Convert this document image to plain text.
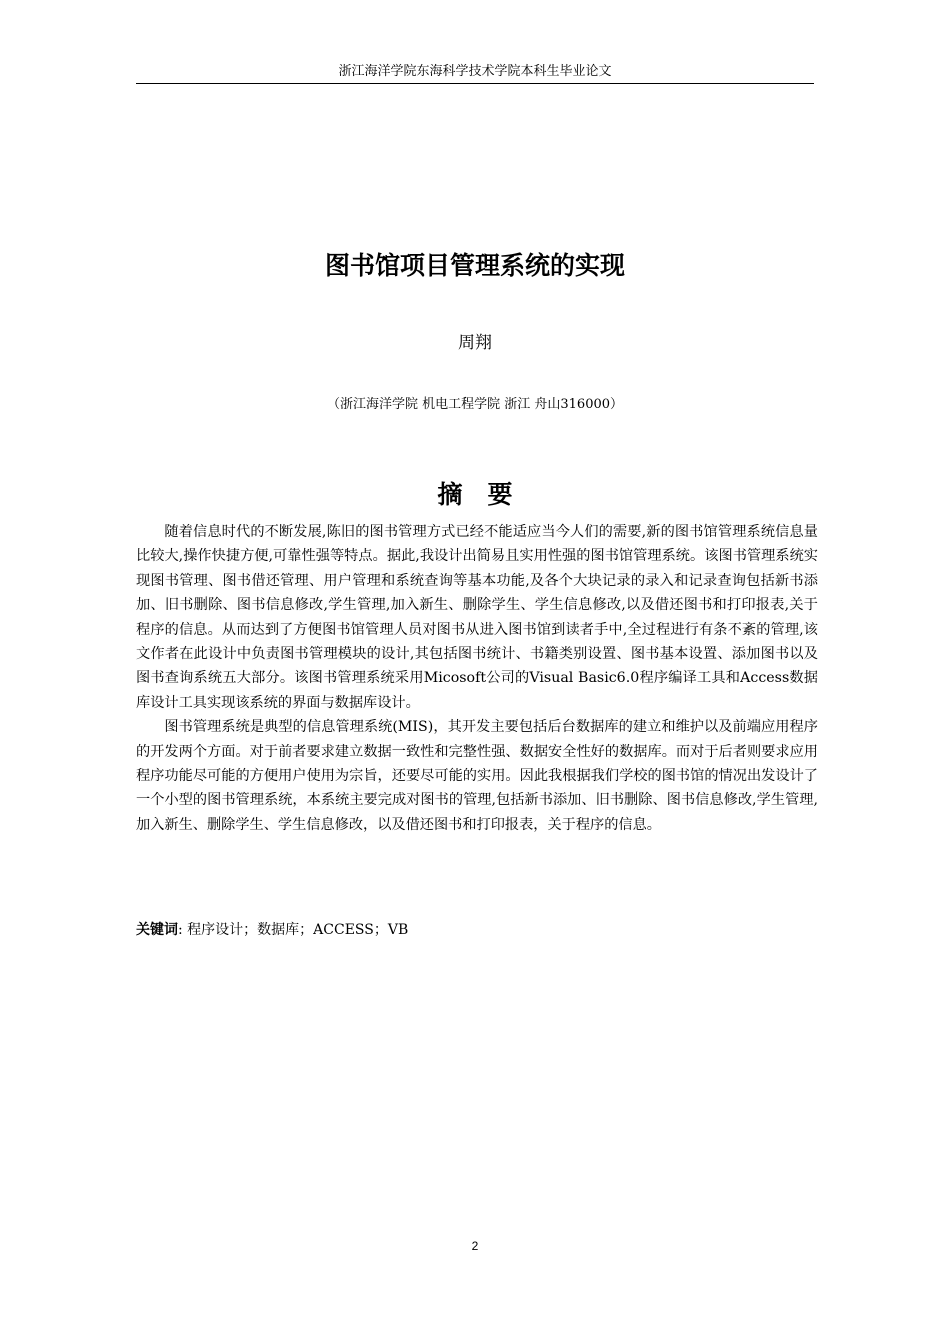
浙江海洋学院东海科学技术学院本科生毕业论文
图书馆项目管理系统的实现
周翔
（浙江海洋学院 机电工程学院 浙江 舟山316000）
摘　要

随着信息时代的不断发展,陈旧的图书管理方式已经不能适应当今人们的需要,新的图书馆管理系统信息量比较大,操作快捷方便,可靠性强等特点。据此,我设计出简易且实用性强的图书馆管理系统。该图书管理系统实现图书管理、图书借还管理、用户管理和系统查询等基本功能,及各个大块记录的录入和记录查询包括新书添加、旧书删除、图书信息修改,学生管理,加入新生、删除学生、学生信息修改,以及借还图书和打印报表,关于程序的信息。从而达到了方便图书馆管理人员对图书从进入图书馆到读者手中,全过程进行有条不紊的管理,该文作者在此设计中负责图书管理模块的设计,其包括图书统计、书籍类别设置、图书基本设置、添加图书以及图书查询系统五大部分。该图书管理系统采用Micosoft公司的Visual Basic6.0程序编译工具和Access数据库设计工具实现该系统的界面与数据库设计。

图书管理系统是典型的信息管理系统(MIS)，其开发主要包括后台数据库的建立和维护以及前端应用程序的开发两个方面。对于前者要求建立数据一致性和完整性强、数据安全性好的数据库。而对于后者则要求应用程序功能尽可能的方便用户使用为宗旨，还要尽可能的实用。因此我根据我们学校的图书馆的情况出发设计了一个小型的图书管理系统，本系统主要完成对图书的管理,包括新书添加、旧书删除、图书信息修改,学生管理,加入新生、删除学生、学生信息修改，以及借还图书和打印报表，关于程序的信息。

关键词: 程序设计；数据库；ACCESS；VB
2
